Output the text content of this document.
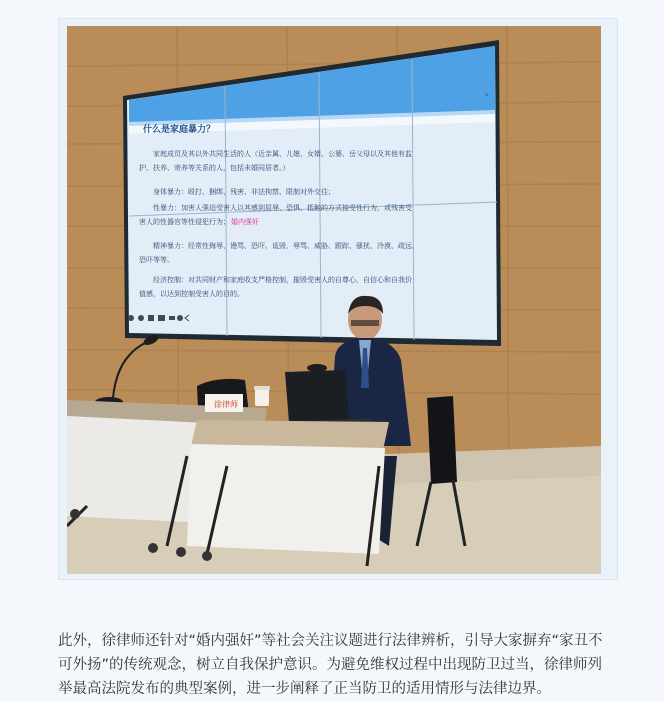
什么是家庭暴力？
家庭成员及其以外共同生活的人（近亲属、儿媳、女婿、公婆、岳父母以及其他有监
护、扶养、寄养等关系的人，包括未婚同居者。）
身体暴力：殴打、捆绑、残害、非法拘禁、限制对外交往；
性暴力：加害人强迫受害人以其感到屈辱、恐惧、抵触的方式接受性行为，或残害受
害人的性器官等性侵犯行为； 婚内强奸
精神暴力：经常性侮辱、谩骂、恐吓、诋毁、辱骂、威胁、跟踪、骚扰、冷漠、疏远、
恐吓等等。
经济控制：对共同财产和家庭收支严格控制，摧毁受害人的自尊心、自信心和自我价
值感，以达到控制受害人的目的。
徐律师

此外，徐律师还针对“婚内强奸”等社会关注议题进行法律辨析，引导大家摒弃“家丑不可外扬”的传统观念，树立自我保护意识。为避免维权过程中出现防卫过当，徐律师列举最高法院发布的典型案例，进一步阐释了正当防卫的适用情形与法律边界。
